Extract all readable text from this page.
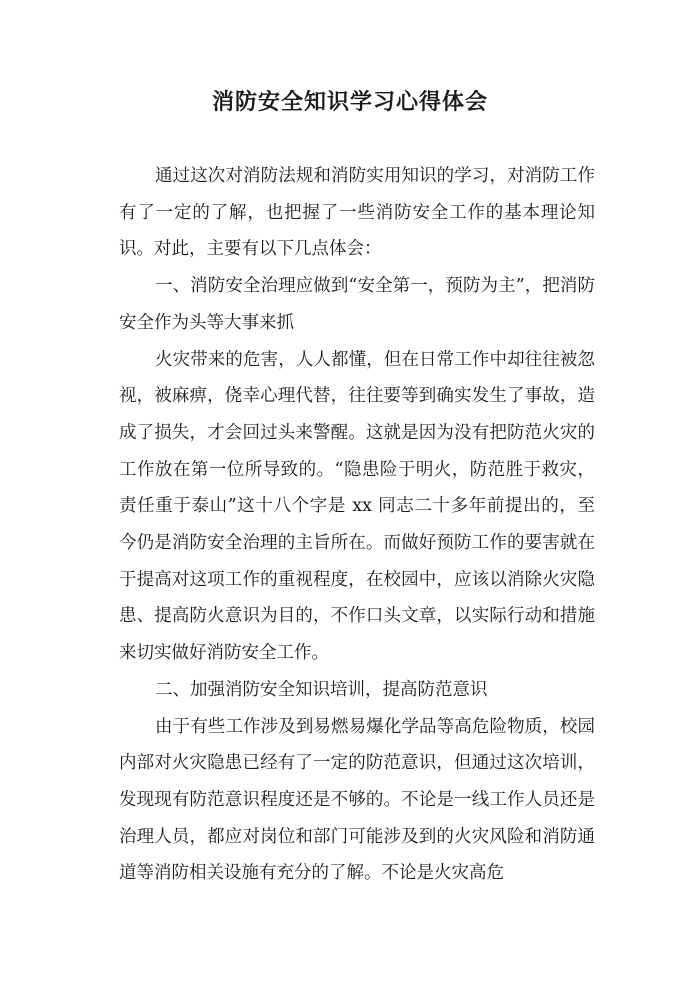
消防安全知识学习心得体会

通过这次对消防法规和消防实用知识的学习，对消防工作有了一定的了解，也把握了一些消防安全工作的基本理论知识。对此，主要有以下几点体会：

一、消防安全治理应做到“安全第一，预防为主”，把消防安全作为头等大事来抓

火灾带来的危害，人人都懂，但在日常工作中却往往被忽视，被麻痹，侥幸心理代替，往往要等到确实发生了事故，造成了损失，才会回过头来警醒。这就是因为没有把防范火灾的工作放在第一位所导致的。“隐患险于明火，防范胜于救灾，责任重于泰山”这十八个字是 xx 同志二十多年前提出的，至今仍是消防安全治理的主旨所在。而做好预防工作的要害就在于提高对这项工作的重视程度，在校园中，应该以消除火灾隐患、提高防火意识为目的，不作口头文章，以实际行动和措施来切实做好消防安全工作。

二、加强消防安全知识培训，提高防范意识

由于有些工作涉及到易燃易爆化学品等高危险物质，校园内部对火灾隐患已经有了一定的防范意识，但通过这次培训，发现现有防范意识程度还是不够的。不论是一线工作人员还是治理人员，都应对岗位和部门可能涉及到的火灾风险和消防通道等消防相关设施有充分的了解。不论是火灾高危
